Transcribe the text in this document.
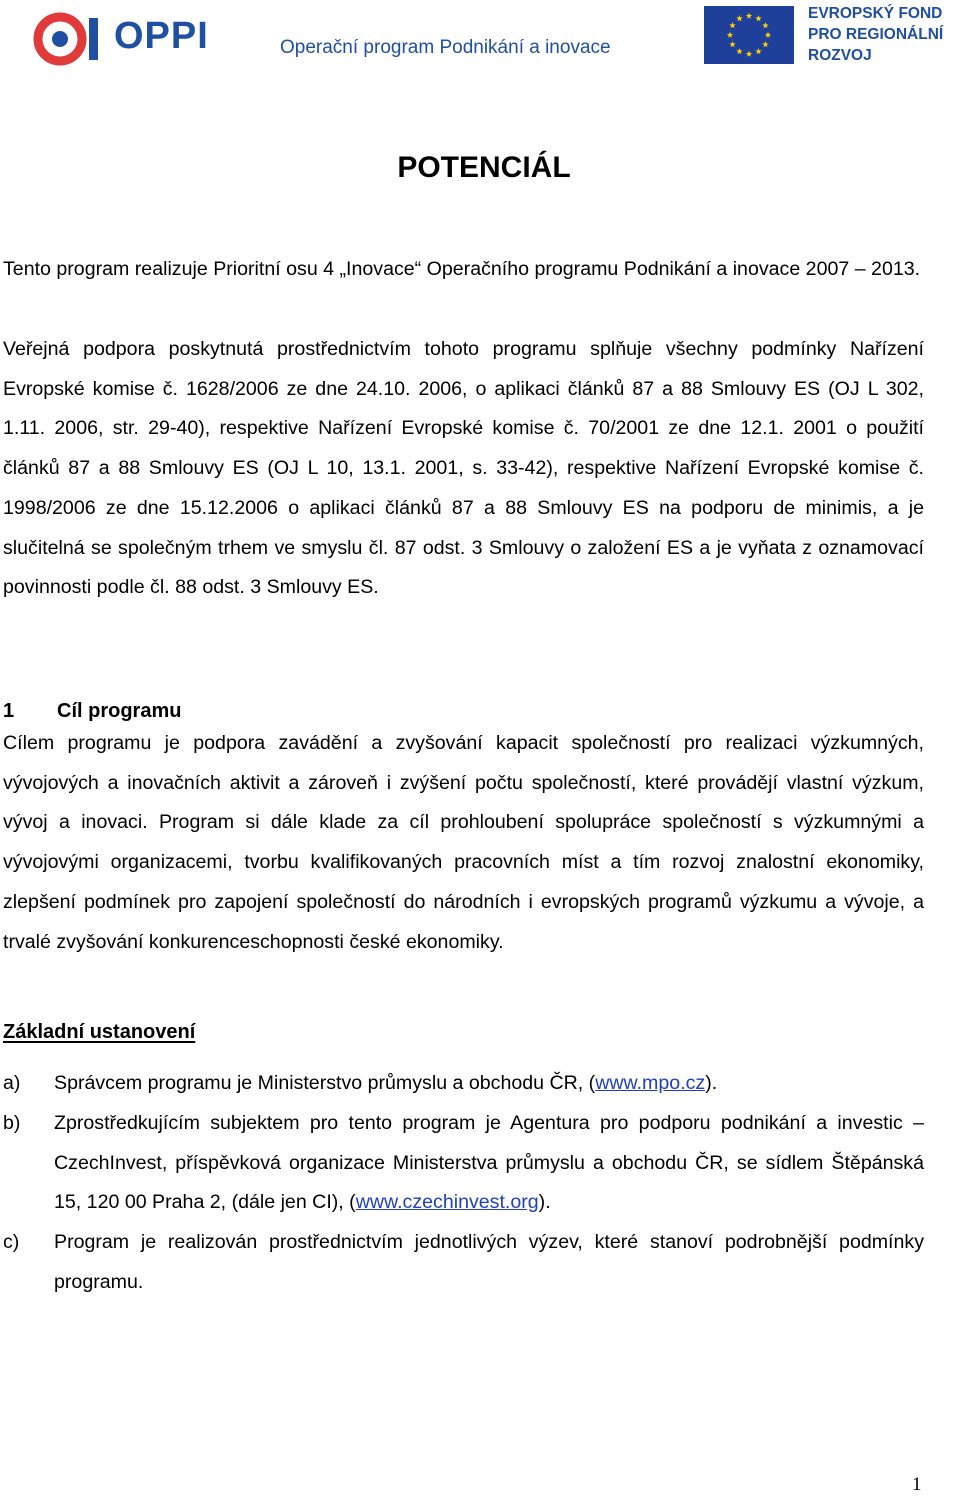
OPPI	Operační program Podnikání a inovace
EVROPSKÝ FOND
PRO REGIONÁLNÍ
ROZVOJ
POTENCIÁL

Tento program realizuje Prioritní osu 4 „Inovace“ Operačního programu Podnikání a inovace 2007 – 2013.

Veřejná podpora poskytnutá prostřednictvím tohoto programu splňuje všechny podmínky Nařízení Evropské komise č. 1628/2006 ze dne 24.10. 2006, o aplikaci článků 87 a 88 Smlouvy ES (OJ L 302, 1.11. 2006, str. 29-40), respektive Nařízení Evropské komise č. 70/2001 ze dne 12.1. 2001 o použití článků 87 a 88 Smlouvy ES (OJ L 10, 13.1. 2001, s. 33-42), respektive Nařízení Evropské komise č. 1998/2006 ze dne 15.12.2006 o aplikaci článků 87 a 88 Smlouvy ES na podporu de minimis, a je slučitelná se společným trhem ve smyslu čl. 87 odst. 3 Smlouvy o založení ES a je vyňata z oznamovací povinnosti podle čl. 88 odst. 3 Smlouvy ES.

1 Cíl programu

Cílem programu je podpora zavádění a zvyšování kapacit společností pro realizaci výzkumných, vývojových a inovačních aktivit a zároveň i zvýšení počtu společností, které provádějí vlastní výzkum, vývoj a inovaci. Program si dále klade za cíl prohloubení spolupráce společností s výzkumnými a vývojovými organizacemi, tvorbu kvalifikovaných pracovních míst a tím rozvoj znalostní ekonomiky, zlepšení podmínek pro zapojení společností do národních i evropských programů výzkumu a vývoje, a trvalé zvyšování konkurenceschopnosti české ekonomiky.

Základní ustanovení
a) Správcem programu je Ministerstvo průmyslu a obchodu ČR, (www.mpo.cz).
b) Zprostředkujícím subjektem pro tento program je Agentura pro podporu podnikání a investic – CzechInvest, příspěvková organizace Ministerstva průmyslu a obchodu ČR, se sídlem Štěpánská 15, 120 00 Praha 2, (dále jen CI), (www.czechinvest.org).
c) Program je realizován prostřednictvím jednotlivých výzev, které stanoví podrobnější podmínky programu.
1
